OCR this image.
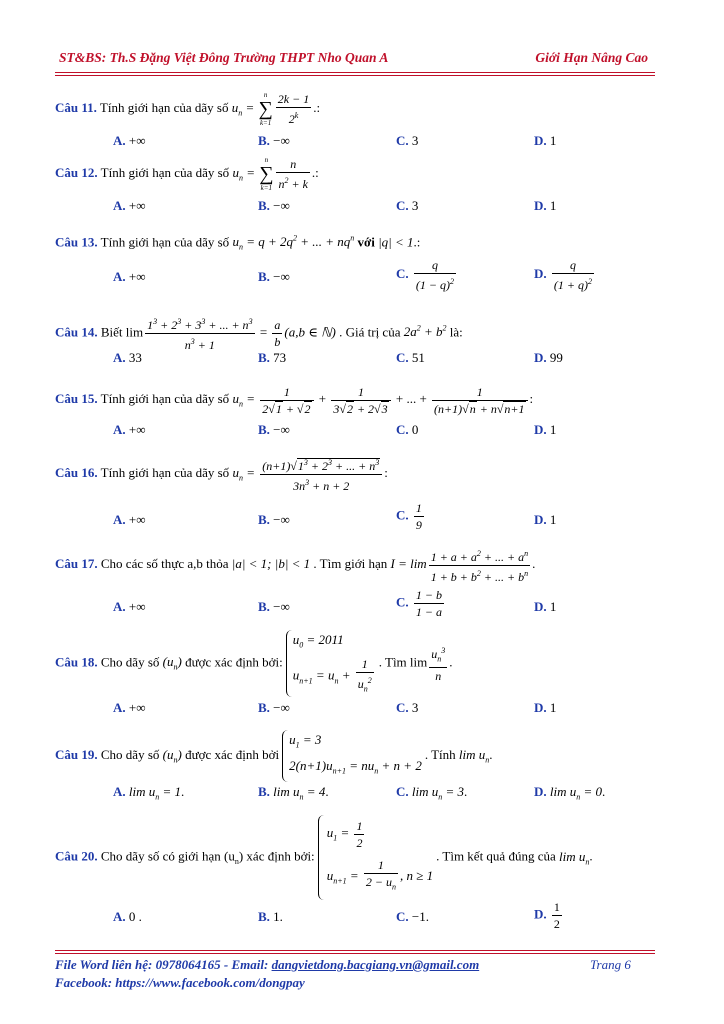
ST&BS: Th.S Đặng Việt Đông Trường THPT Nho Quan A	Giới Hạn Nâng Cao
Câu 11. Tính giới hạn của dãy số $u_n$ =
n
∑
$k=1 \frac{2k - 1}{2^k}$ .:
A. +∞	B. −∞	C. 3	D. 1
Câu 12. Tính giới hạn của dãy số $u_n$ =
n
∑
$k=1 \frac{n}{n^2 + k}$ .:
A. +∞	B. −∞	C. 3	D. 1
Câu 13. Tính giới hạn của dãy số $u_n = q + 2q^2$ + ... + $nq^n$ với |q| < 1.:
A. +∞	B. −∞	C. $\frac{q}{(1 - q)^2}$	D. $\frac{q}{(1 + q)^2}$
Câu 14. Biết $\lim \frac{1^3 + 2^3 + 3^3 + ... + n^3}{n^3 + 1} = \frac{a}{b} (a,b$ ∈ ℕ) . Giá trị của $2a^2 + b^2$ là:
A. 33	B. 73	C. 51	D. 99
Câu 15. Tính giới hạn của dãy số $u_n = \frac{1}{2√1 + √2} + \frac{1}{3√2 + 2√3}$ + ... + $\frac{1}{(n+1)√n + n√n+1}$ :
A. +∞	B. −∞	C. 0	D. 1
Câu 16. Tính giới hạn của dãy số $u_n = \frac{(n+1)√1^3 + 2^3 + ... + n^3}{3n^3 + n + 2}$ :
A. +∞	B. −∞	C. $\frac{1}{9}$	D. 1
Câu 17. Cho các số thực a,b thỏa |a| < 1; |b| < 1 . Tìm giới hạn $I = \lim \frac{1 + a + a^2 + ... + a^n}{1 + b + b^2 + ... + b^n}$ .
A. +∞	B. −∞	C. $\frac{1 - b}{1 - a}$	D. 1
Câu 18. Cho dãy số $(u_n)$ được xác định bởi:
$u_0 = 2011$
$u_{n+1} = u_n + \frac{1}{u_n^2}$ . Tìm $\lim \frac{u_n^3}{n}$ .
A. +∞	B. −∞	C. 3	D. 1
Câu 19. Cho dãy số $(u_n)$ được xác định bởi
$u_1 = 3$
$2(n+1)u_{n+1} = nu_n + n + 2$
. Tính $\lim u_n$.
A. $\lim u_n = 1$.	B. $\lim u_n = 4$.	C. $\lim u_n = 3$.	D. $\lim u_n = 0$.
Câu 20. Cho dãy số có giới hạn $(u_n)$ xác định bởi:
$u_1 = \frac{1}{2}$
$u_{n+1} = \frac{1}{2 - u_n}$ , n ≥ 1
. Tìm kết quả đúng của $\lim u_n$.
A. 0 .	B. 1.	C. −1.	D. $\frac{1}{2}$
File Word liên hệ: 0978064165 - Email: dangvietdong.bacgiang.vn@gmail.com	Trang 6
Facebook: https://www.facebook.com/dongpay
